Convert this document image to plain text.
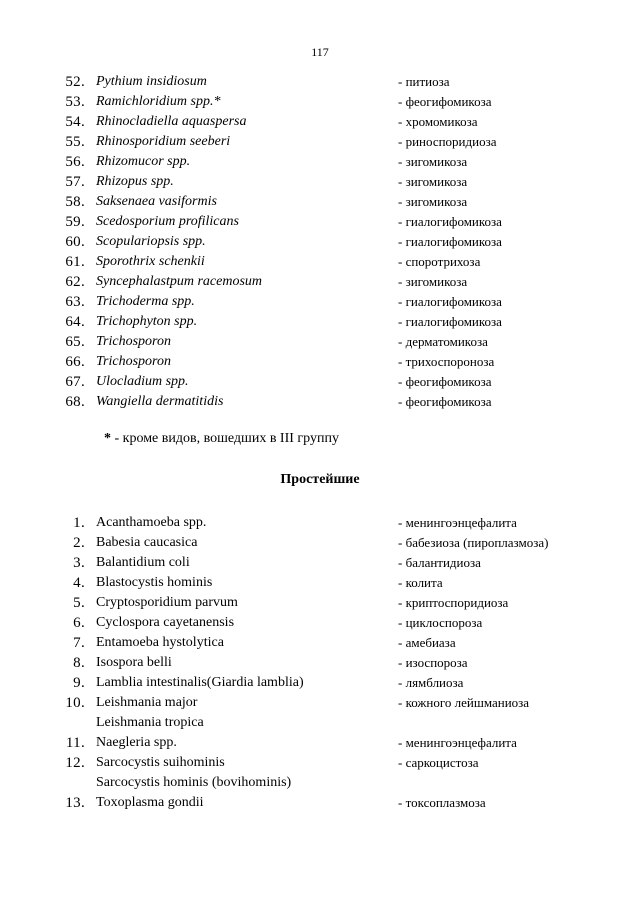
117
52. Pythium insidiosum	- питиоза
53. Ramichloridium spp.*	- феогифомикоза
54. Rhinocladiella aquaspersa	- хромомикоза
55. Rhinosporidium seeberi	- риноспоридиоза
56. Rhizomucor spp.	- зигомикоза
57. Rhizopus spp.	- зигомикоза
58. Saksenaea vasiformis	- зигомикоза
59. Scedosporium profilicans	- гиалогифомикоза
60. Scopulariopsis spp.	- гиалогифомикоза
61. Sporothrix schenkii	- споротрихоза
62. Syncephalastpum racemosum	- зигомикоза
63. Trichoderma spp.	- гиалогифомикоза
64. Trichophyton spp.	- гиалогифомикоза
65. Trichosporon	- дерматомикоза
66. Trichosporon	- трихоспороноза
67. Ulocladium spp.	- феогифомикоза
68. Wangiella dermatitidis	- феогифомикоза
* - кроме видов, вошедших в III группу
Простейшие
1. Acanthamoeba spp.	- менингоэнцефалита
2. Babesia caucasica	- бабезиоза (пироплазмоза)
3. Balantidium coli	- балантидиоза
4. Blastocystis hominis	- колита
5. Cryptosporidium parvum	- криптоспоридиоза
6. Cyclospora cayetanensis	- циклоспороза
7. Entamoeba hystolytica	- амебиаза
8. Isospora belli	- изоспороза
9. Lamblia intestinalis(Giardia lamblia)	- лямблиоза
10. Leishmania major	- кожного лейшманиоза
Leishmania tropica
11. Naegleria spp.	- менингоэнцефалита
12. Sarcocystis suihominis	- саркоцистоза
Sarcocystis hominis (bovihominis)
13. Toxoplasma gondii	- токсоплазмоза
